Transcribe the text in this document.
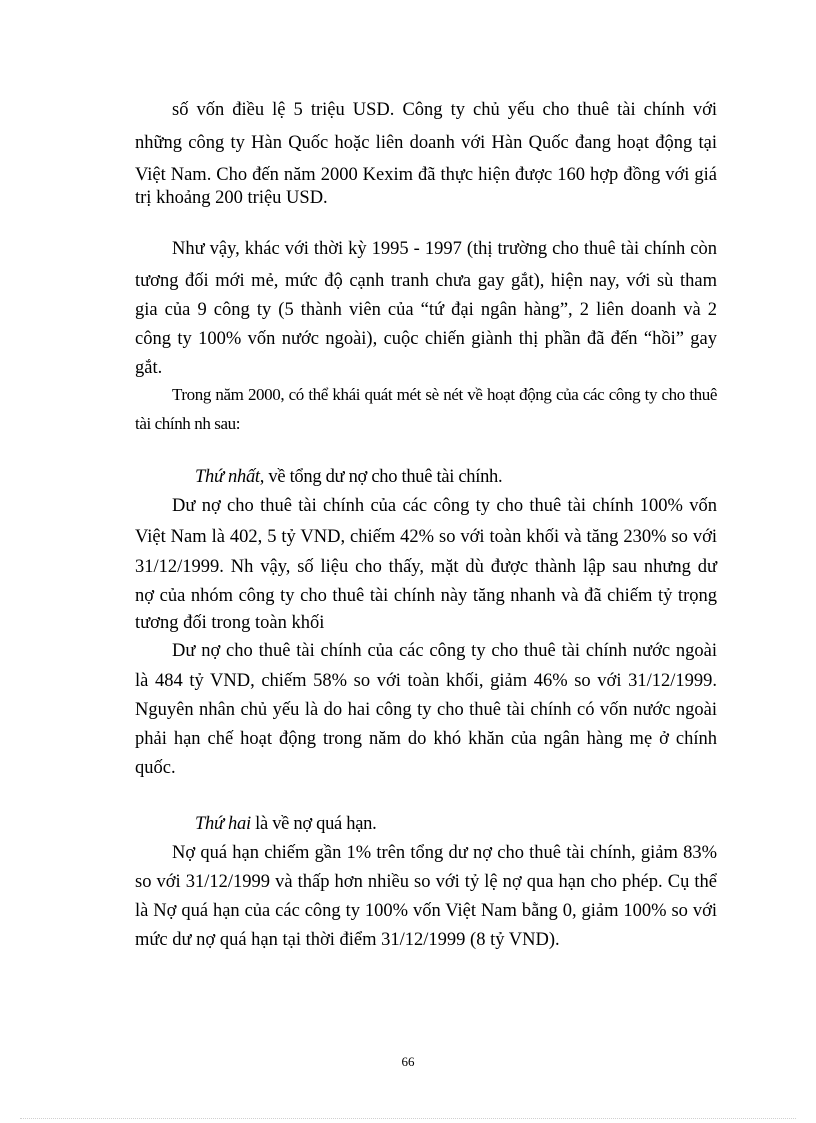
số vốn điều lệ 5 triệu USD. Công ty chủ yếu cho thuê tài chính với
những công ty Hàn Quốc hoặc liên doanh với Hàn Quốc đang hoạt động tại
Việt Nam. Cho đến năm 2000 Kexim đã thực hiện được 160 hợp đồng với giá
trị khoảng 200 triệu USD.
Như vậy, khác với thời kỳ 1995 - 1997 (thị trường cho thuê tài chính còn
tương đối mới mẻ, mức độ cạnh tranh chưa gay gắt), hiện nay, với sù tham
gia của 9 công ty (5 thành viên của “tứ đại ngân hàng”, 2 liên doanh và 2
công ty 100% vốn nước ngoài), cuộc chiến giành thị phần đã đến “hồi” gay
gắt.
Trong năm 2000, có thể khái quát mét sè nét về hoạt động của các công ty cho thuê
tài chính nh sau:
Thứ nhất, về tổng dư nợ cho thuê tài chính.
Dư nợ cho thuê tài chính của các công ty cho thuê tài chính 100% vốn
Việt Nam là 402, 5 tỷ VND, chiếm 42% so với toàn khối và tăng 230% so với
31/12/1999. Nh vậy, số liệu cho thấy, mặt dù được thành lập sau nhưng dư
nợ của nhóm công ty cho thuê tài chính này tăng nhanh và đã chiếm tỷ trọng
tương đối trong toàn khối
Dư nợ cho thuê tài chính của các công ty cho thuê tài chính nước ngoài
là 484 tỷ VND, chiếm 58% so với toàn khối, giảm 46% so với 31/12/1999.
Nguyên nhân chủ yếu là do hai công ty cho thuê tài chính có vốn nước ngoài
phải hạn chế hoạt động trong năm do khó khăn của ngân hàng mẹ ở chính
quốc.
Thứ hai là về nợ quá hạn.
Nợ quá hạn chiếm gần 1% trên tổng dư nợ cho thuê tài chính, giảm 83%
so với 31/12/1999 và thấp hơn nhiều so với tỷ lệ nợ qua hạn cho phép. Cụ thể
là Nợ quá hạn của các công ty 100% vốn Việt Nam bằng 0, giảm 100% so với
mức dư nợ quá hạn tại thời điểm 31/12/1999 (8 tỷ VND).
66
